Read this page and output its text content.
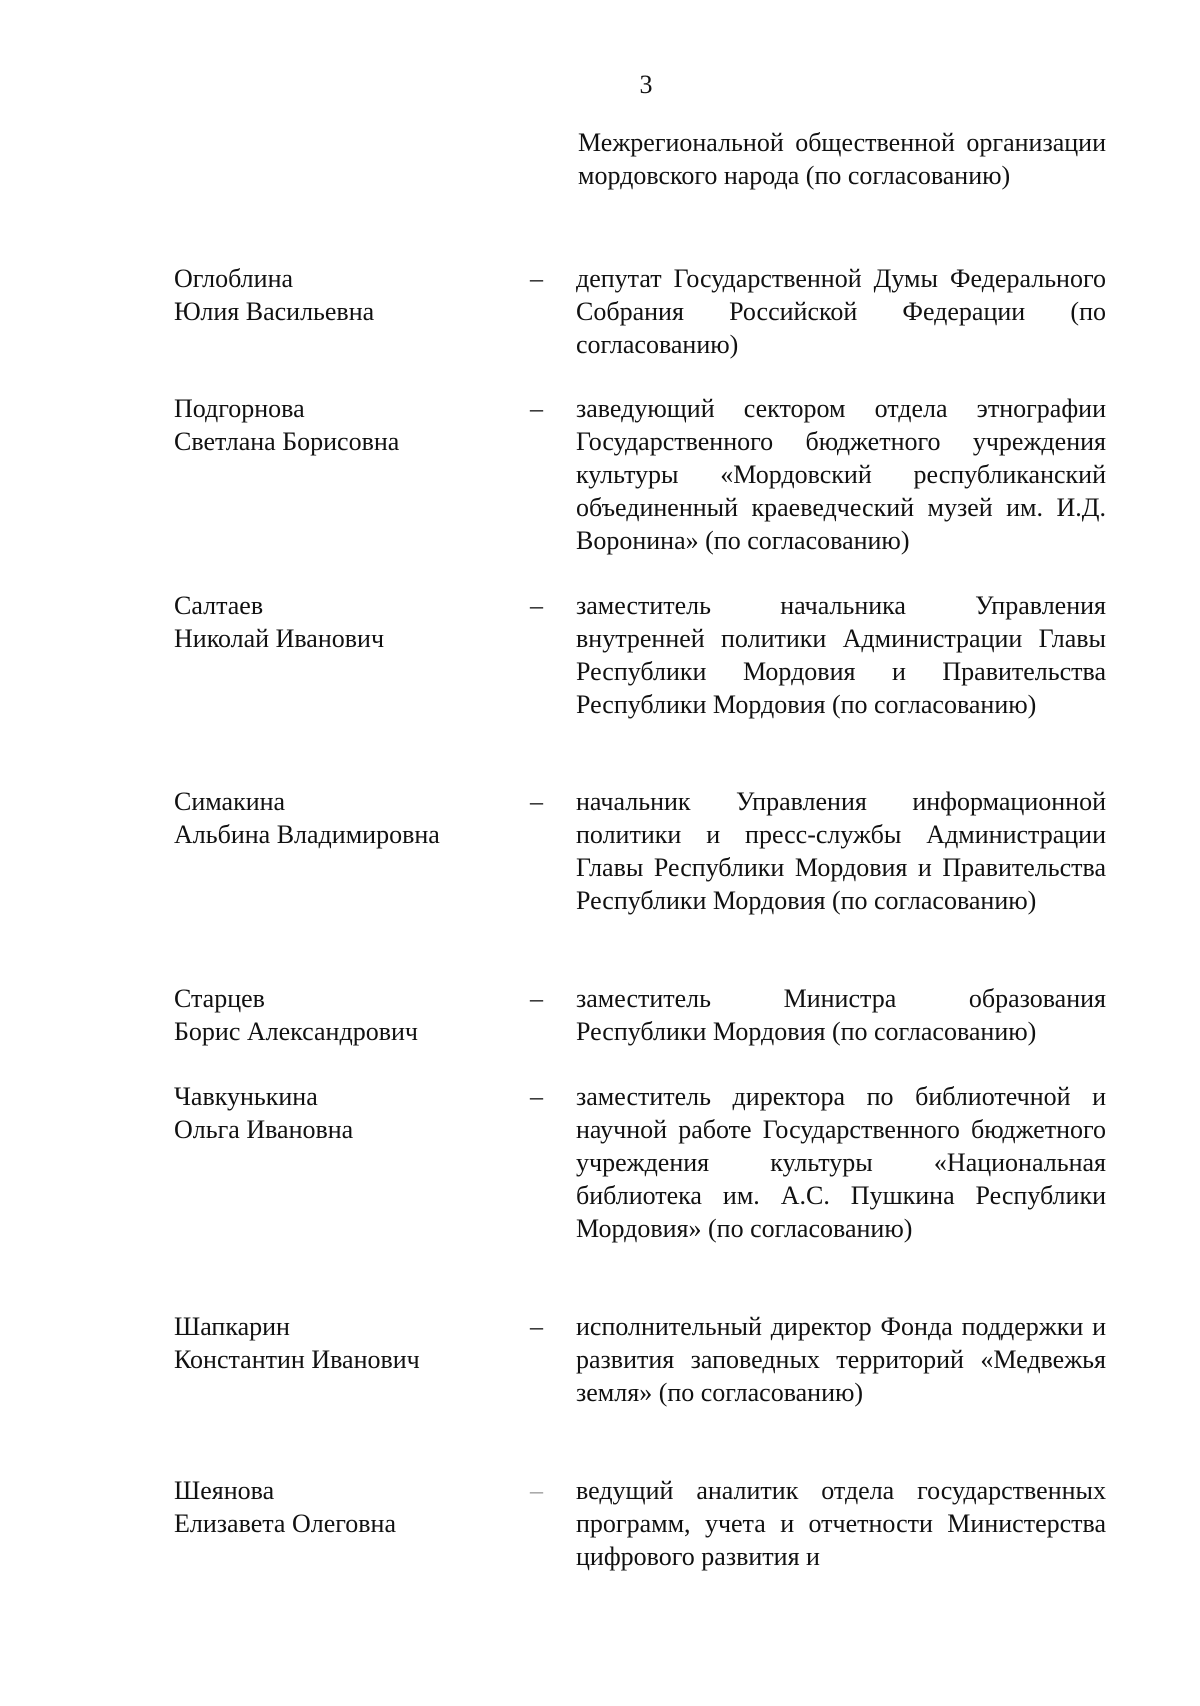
3
Межрегиональной общественной организации мордовского народа (по согласованию)
Оглоблина
Юлия Васильевна
– депутат Государственной Думы Федерального Собрания Российской Федерации (по согласованию)
Подгорнова
Светлана Борисовна
– заведующий сектором отдела этнографии Государственного бюджетного учреждения культуры «Мордовский республиканский объединенный краеведческий музей им. И.Д. Воронина» (по согласованию)
Салтаев
Николай Иванович
– заместитель начальника Управления внутренней политики Администрации Главы Республики Мордовия и Правительства Республики Мордовия (по согласованию)
Симакина
Альбина Владимировна
– начальник Управления информационной политики и пресс-службы Администрации Главы Республики Мордовия и Правительства Республики Мордовия (по согласованию)
Старцев
Борис Александрович
– заместитель Министра образования Республики Мордовия (по согласованию)
Чавкунькина
Ольга Ивановна
– заместитель директора по библиотечной и научной работе Государственного бюджетного учреждения культуры «Национальная библиотека им. А.С. Пушкина Республики Мордовия» (по согласованию)
Шапкарин
Константин Иванович
– исполнительный директор Фонда поддержки и развития заповедных территорий «Медвежья земля» (по согласованию)
Шеянова
Елизавета Олеговна
– ведущий аналитик отдела государственных программ, учета и отчетности Министерства цифрового развития и
